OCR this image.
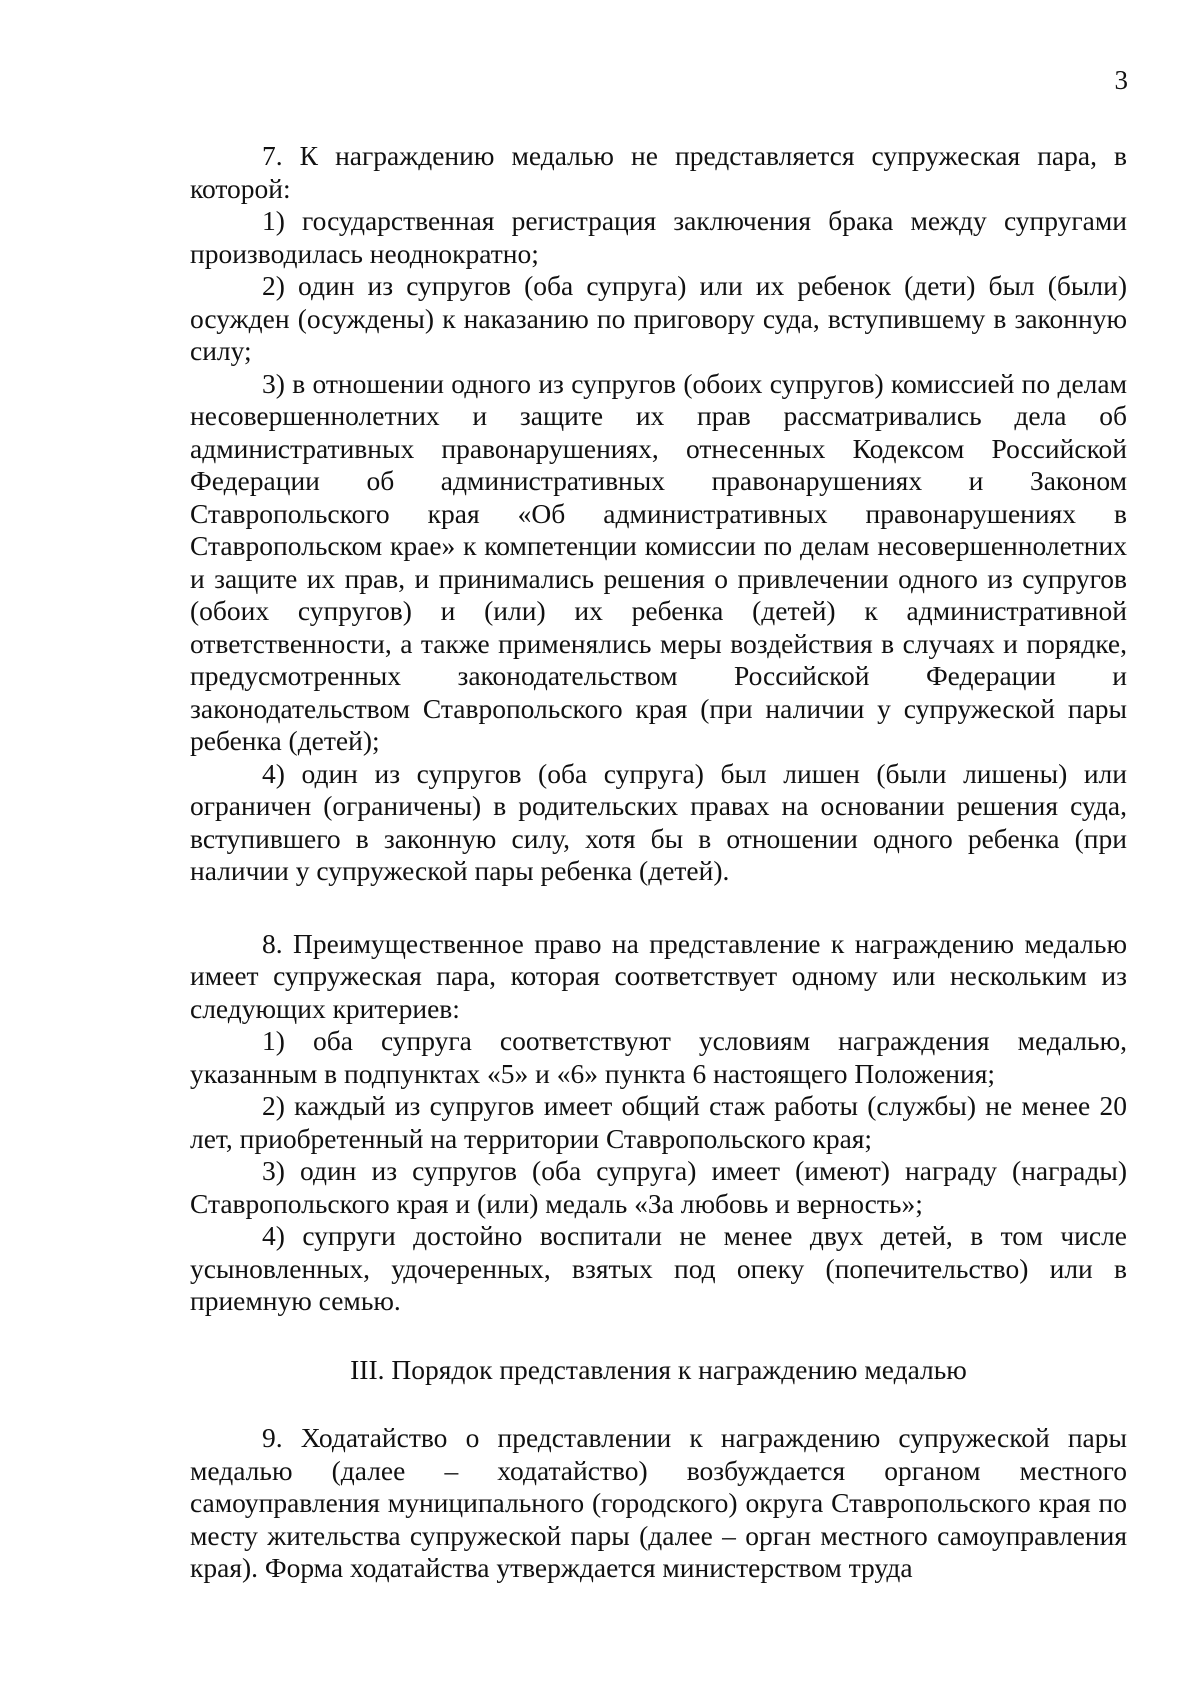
3

7. К награждению медалью не представляется супружеская пара, в которой:

1) государственная регистрация заключения брака между супругами производилась неоднократно;

2) один из супругов (оба супруга) или их ребенок (дети) был (были) осужден (осуждены) к наказанию по приговору суда, вступившему в законную силу;

3) в отношении одного из супругов (обоих супругов) комиссией по делам несовершеннолетних и защите их прав рассматривались дела об административных правонарушениях, отнесенных Кодексом Российской Федерации об административных правонарушениях и Законом Ставропольского края «Об административных правонарушениях в Ставропольском крае» к компетенции комиссии по делам несовершеннолетних и защите их прав, и принимались решения о привлечении одного из супругов (обоих супругов) и (или) их ребенка (детей) к административной ответственности, а также применялись меры воздействия в случаях и порядке, предусмотренных законодательством Российской Федерации и законодательством Ставропольского края (при наличии у супружеской пары ребенка (детей);

4) один из супругов (оба супруга) был лишен (были лишены) или ограничен (ограничены) в родительских правах на основании решения суда, вступившего в законную силу, хотя бы в отношении одного ребенка (при наличии у супружеской пары ребенка (детей).

8. Преимущественное право на представление к награждению медалью имеет супружеская пара, которая соответствует одному или нескольким из следующих критериев:

1) оба супруга соответствуют условиям награждения медалью, указанным в подпунктах «5» и «6» пункта 6 настоящего Положения;

2) каждый из супругов имеет общий стаж работы (службы) не менее 20 лет, приобретенный на территории Ставропольского края;

3) один из супругов (оба супруга) имеет (имеют) награду (награды) Ставропольского края и (или) медаль «За любовь и верность»;

4) супруги достойно воспитали не менее двух детей, в том числе усыновленных, удочеренных, взятых под опеку (попечительство) или в приемную семью.

III. Порядок представления к награждению медалью

9. Ходатайство о представлении к награждению супружеской пары медалью (далее – ходатайство) возбуждается органом местного самоуправления муниципального (городского) округа Ставропольского края по месту жительства супружеской пары (далее – орган местного самоуправления края). Форма ходатайства утверждается министерством труда
